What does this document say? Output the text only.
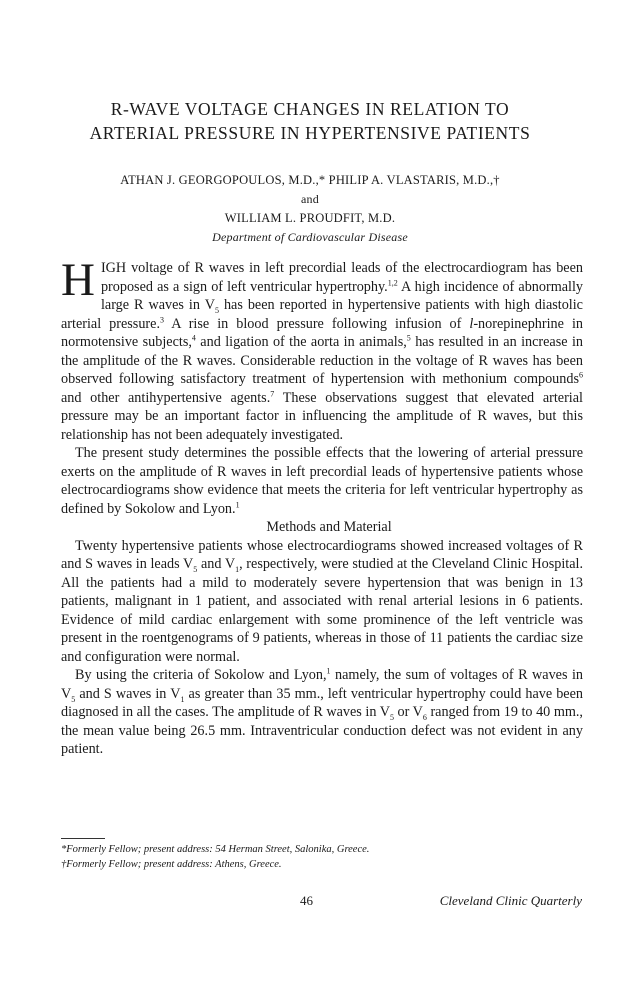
R-WAVE VOLTAGE CHANGES IN RELATION TO
ARTERIAL PRESSURE IN HYPERTENSIVE PATIENTS
ATHAN J. GEORGOPOULOS, M.D.,* PHILIP A. VLASTARIS, M.D.,†
and
WILLIAM L. PROUDFIT, M.D.
Department of Cardiovascular Disease

HIGH voltage of R waves in left precordial leads of the electrocardiogram has been proposed as a sign of left ventricular hypertrophy.$^{1,2}$ A high incidence of abnormally large R waves in $V_5$ has been reported in hypertensive patients with high diastolic arterial pressure.$^3$ A rise in blood pressure following infusion of l-norepinephrine in normotensive subjects,$^4$ and ligation of the aorta in animals,$^5$ has resulted in an increase in the amplitude of the R waves. Considerable reduction in the voltage of R waves has been observed following satisfactory treatment of hypertension with methonium compounds$^6$ and other antihypertensive agents.$^7$ These observations suggest that elevated arterial pressure may be an important factor in influencing the amplitude of R waves, but this relationship has not been adequately investigated.

The present study determines the possible effects that the lowering of arterial pressure exerts on the amplitude of R waves in left precordial leads of hypertensive patients whose electrocardiograms show evidence that meets the criteria for left ventricular hypertrophy as defined by Sokolow and Lyon.$^1$

Methods and Material

Twenty hypertensive patients whose electrocardiograms showed increased voltages of R and S waves in leads $V_5$ and $V_1$, respectively, were studied at the Cleveland Clinic Hospital. All the patients had a mild to moderately severe hypertension that was benign in 13 patients, malignant in 1 patient, and associated with renal arterial lesions in 6 patients. Evidence of mild cardiac enlargement with some prominence of the left ventricle was present in the roentgenograms of 9 patients, whereas in those of 11 patients the cardiac size and configuration were normal.

By using the criteria of Sokolow and Lyon,$^1$ namely, the sum of voltages of R waves in $V_5$ and S waves in $V_1$ as greater than 35 mm., left ventricular hypertrophy could have been diagnosed in all the cases. The amplitude of R waves in $V_5$ or $V_6$ ranged from 19 to 40 mm., the mean value being 26.5 mm. Intraventricular conduction defect was not evident in any patient.

*Formerly Fellow; present address: 54 Herman Street, Salonika, Greece.
†Formerly Fellow; present address: Athens, Greece.
46	Cleveland Clinic Quarterly
